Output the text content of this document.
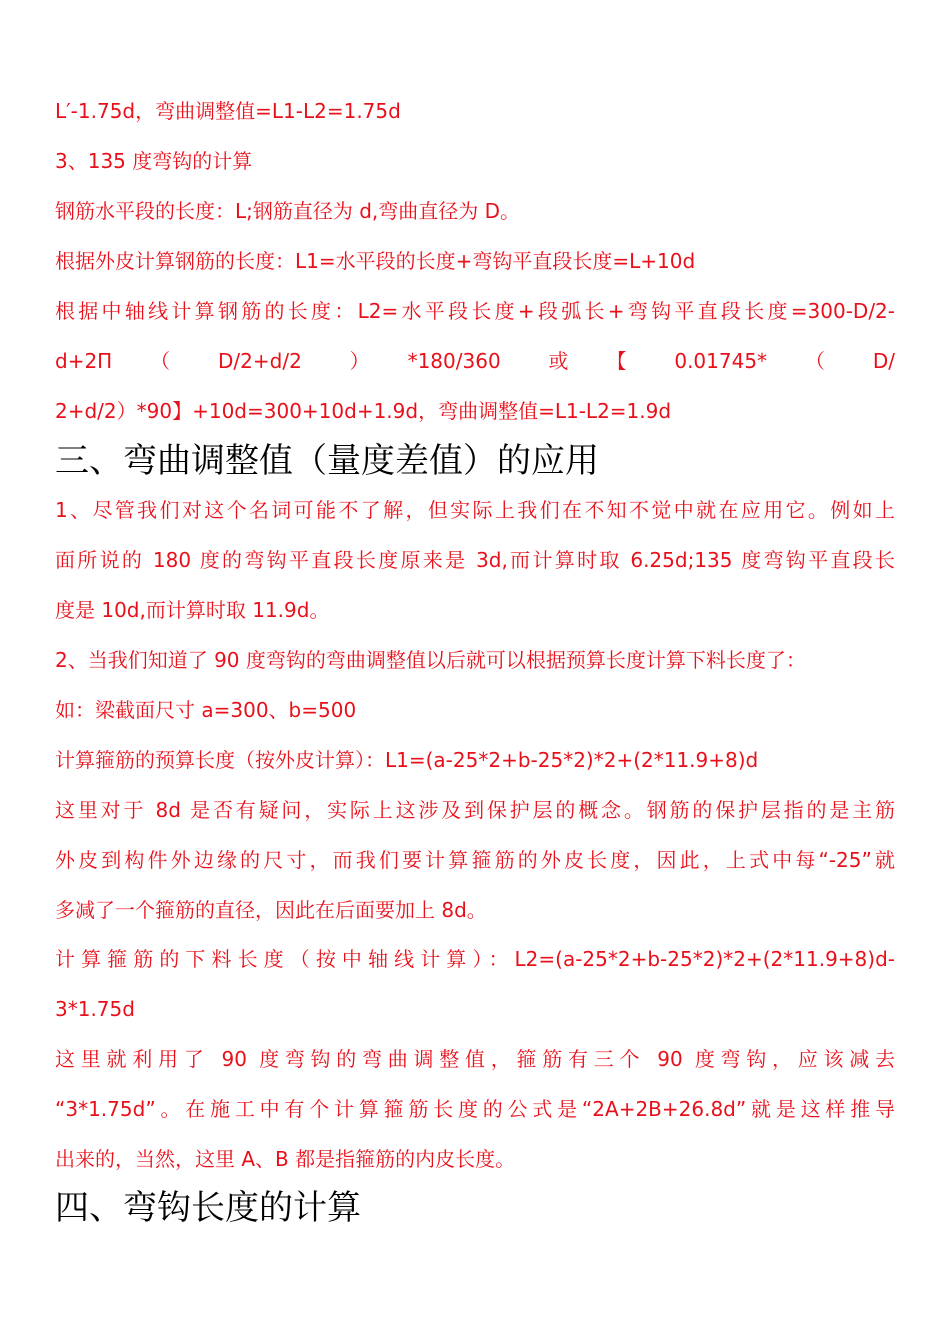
L′-1.75d，弯曲调整值=L1-L2=1.75d
3、135 度弯钩的计算
钢筋水平段的长度：L;钢筋直径为 d,弯曲直径为 D。
根据外皮计算钢筋的长度：L1=水平段的长度+弯钩平直段长度=L+10d
根据中轴线计算钢筋的长度：L2=水平段长度+段弧长+弯钩平直段长度=300-D/2-
d+2Π　（　D/2+d/2　）　*180/360　或　【　0.01745*　（　D/
2+d/2）*90】+10d=300+10d+1.9d，弯曲调整值=L1-L2=1.9d
三、弯曲调整值（量度差值）的应用
1、尽管我们对这个名词可能不了解，但实际上我们在不知不觉中就在应用它。例如上
面所说的 180 度的弯钩平直段长度原来是 3d,而计算时取 6.25d;135 度弯钩平直段长
度是 10d,而计算时取 11.9d。
2、当我们知道了 90 度弯钩的弯曲调整值以后就可以根据预算长度计算下料长度了：
如：梁截面尺寸 a=300、b=500
计算箍筋的预算长度（按外皮计算）：L1=(a-25*2+b-25*2)*2+(2*11.9+8)d
这里对于 8d 是否有疑问，实际上这涉及到保护层的概念。钢筋的保护层指的是主筋
外皮到构件外边缘的尺寸，而我们要计算箍筋的外皮长度，因此，上式中每“-25”就
多减了一个箍筋的直径，因此在后面要加上 8d。
计算箍筋的下料长度（按中轴线计算）：L2=(a-25*2+b-25*2)*2+(2*11.9+8)d-
3*1.75d
这里就利用了 90 度弯钩的弯曲调整值，箍筋有三个 90 度弯钩，应该减去
“3*1.75d”。在施工中有个计算箍筋长度的公式是“2A+2B+26.8d”就是这样推导
出来的，当然，这里 A、B 都是指箍筋的内皮长度。
四、弯钩长度的计算
